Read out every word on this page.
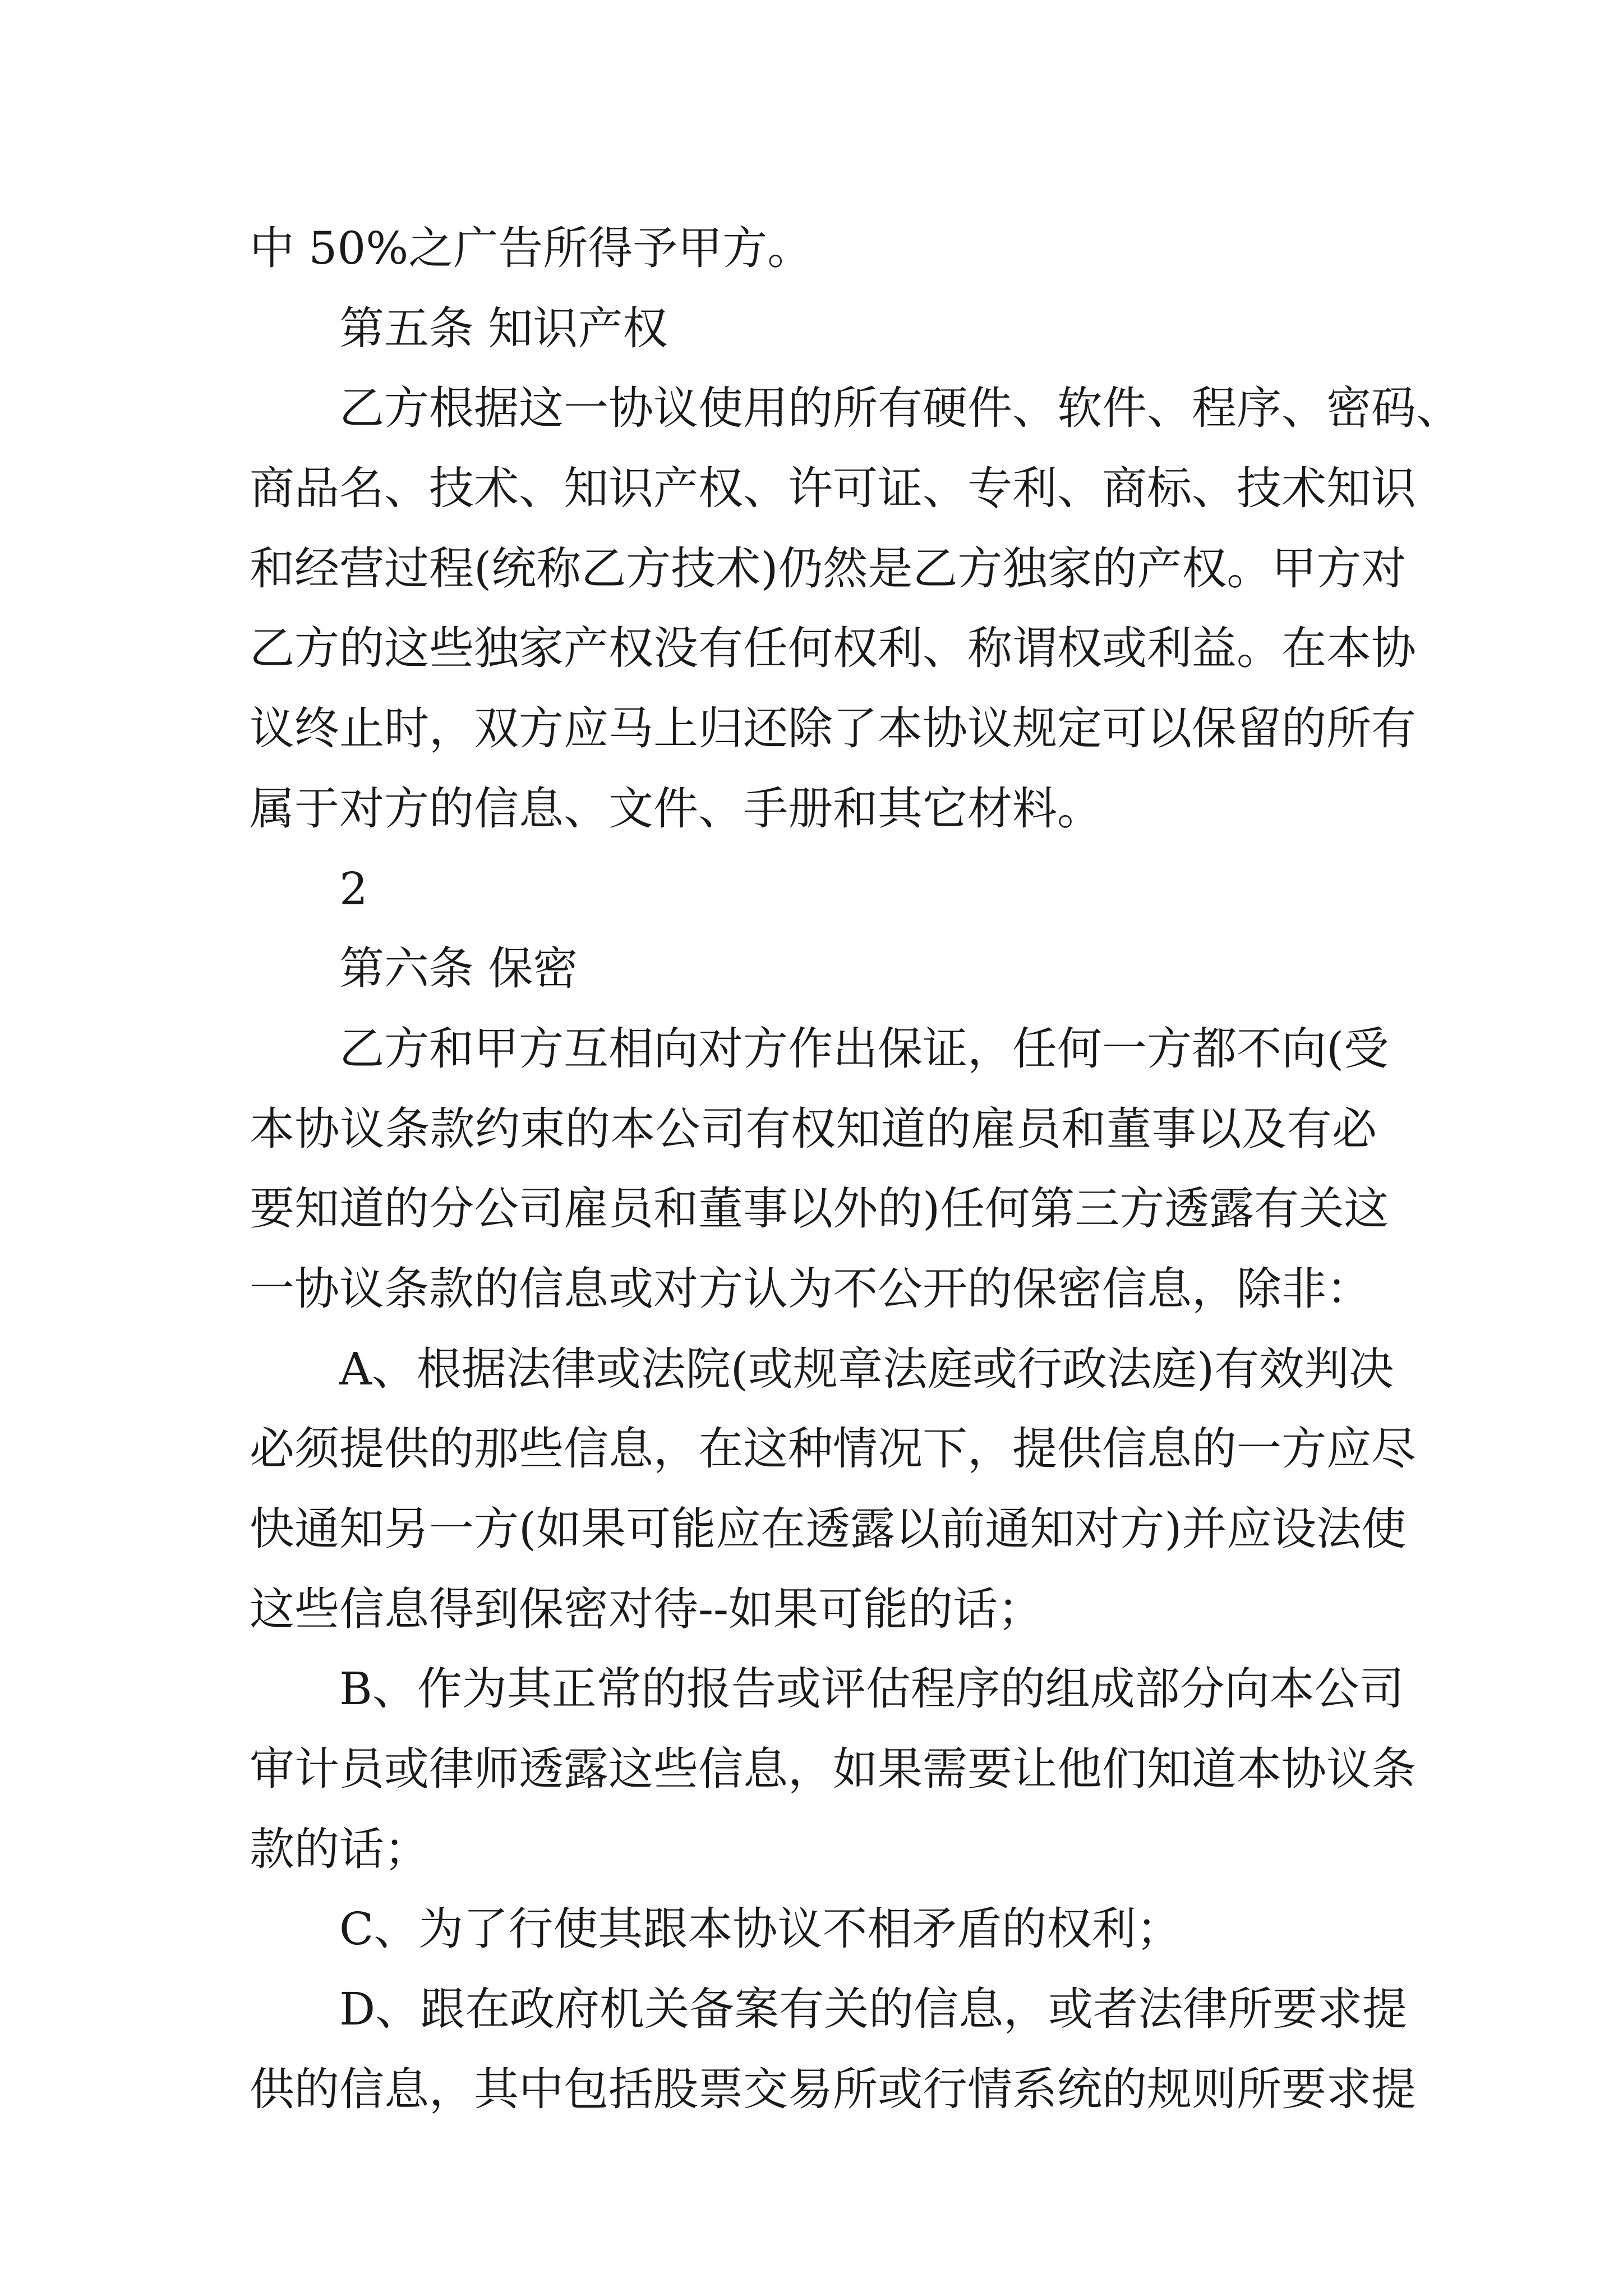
中 50%之广告所得予甲方。
第五条 知识产权
乙方根据这一协议使用的所有硬件、软件、程序、密码、
商品名、技术、知识产权、许可证、专利、商标、技术知识
和经营过程(统称乙方技术)仍然是乙方独家的产权。甲方对
乙方的这些独家产权没有任何权利、称谓权或利益。在本协
议终止时，双方应马上归还除了本协议规定可以保留的所有
属于对方的信息、文件、手册和其它材料。
2
第六条 保密
乙方和甲方互相向对方作出保证，任何一方都不向(受
本协议条款约束的本公司有权知道的雇员和董事以及有必
要知道的分公司雇员和董事以外的)任何第三方透露有关这
一协议条款的信息或对方认为不公开的保密信息，除非：
A、根据法律或法院(或规章法庭或行政法庭)有效判决
必须提供的那些信息，在这种情况下，提供信息的一方应尽
快通知另一方(如果可能应在透露以前通知对方)并应设法使
这些信息得到保密对待--如果可能的话；
B、作为其正常的报告或评估程序的组成部分向本公司
审计员或律师透露这些信息，如果需要让他们知道本协议条
款的话；
C、为了行使其跟本协议不相矛盾的权利；
D、跟在政府机关备案有关的信息，或者法律所要求提
供的信息，其中包括股票交易所或行情系统的规则所要求提
